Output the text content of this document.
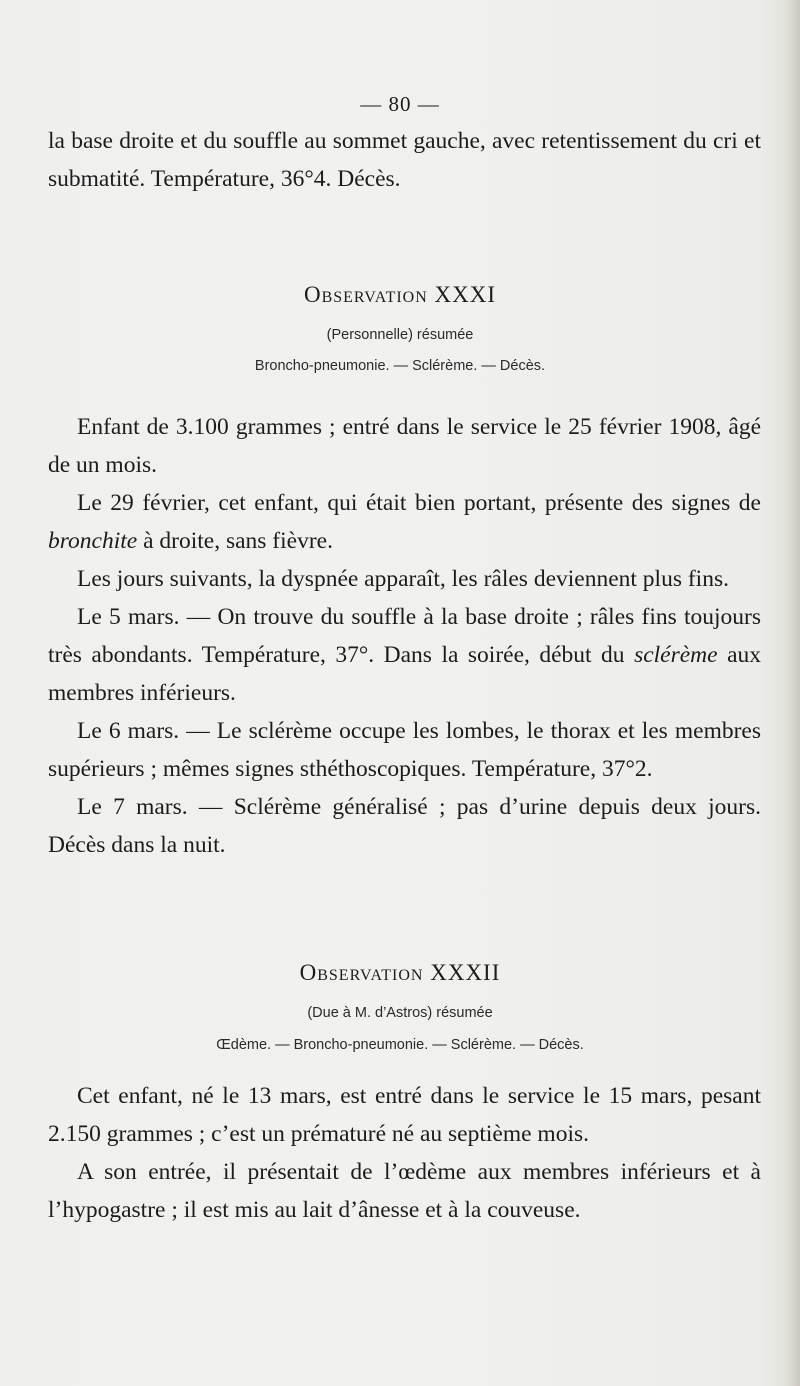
— 80 —

la base droite et du souffle au sommet gauche, avec retentissement du cri et submatité. Température, 36°4. Décès.

Observation XXXI
(Personnelle) résumée
Broncho-pneumonie. — Sclérème. — Décès.

Enfant de 3.100 grammes ; entré dans le service le 25 février 1908, âgé de un mois.

Le 29 février, cet enfant, qui était bien portant, présente des signes de bronchite à droite, sans fièvre.

Les jours suivants, la dyspnée apparaît, les râles deviennent plus fins.

Le 5 mars. — On trouve du souffle à la base droite ; râles fins toujours très abondants. Température, 37°. Dans la soirée, début du sclérème aux membres inférieurs.

Le 6 mars. — Le sclérème occupe les lombes, le thorax et les membres supérieurs ; mêmes signes sthéthoscopiques. Température, 37°2.

Le 7 mars. — Sclérème généralisé ; pas d’urine depuis deux jours. Décès dans la nuit.

Observation XXXII
(Due à M. d’Astros) résumée
Œdème. — Broncho-pneumonie. — Sclérème. — Décès.

Cet enfant, né le 13 mars, est entré dans le service le 15 mars, pesant 2.150 grammes ; c’est un prématuré né au septième mois.

A son entrée, il présentait de l’œdème aux membres inférieurs et à l’hypogastre ; il est mis au lait d’ânesse et à la couveuse.
